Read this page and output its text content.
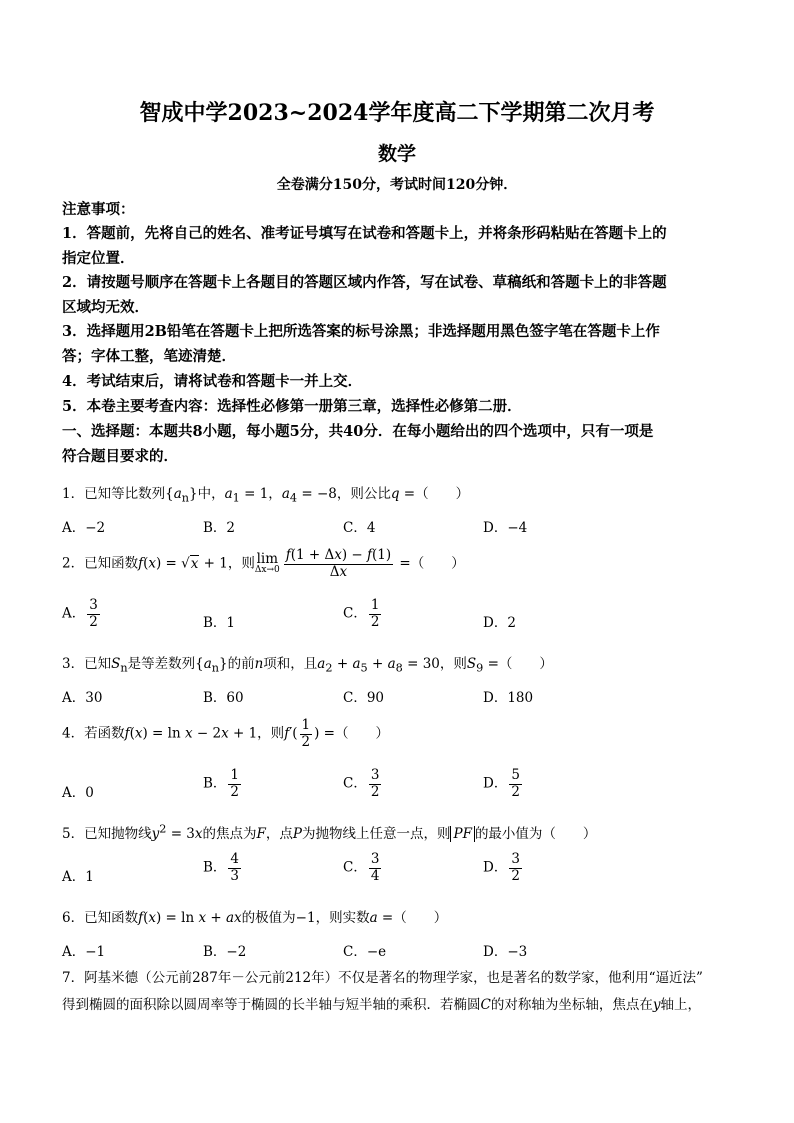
智成中学2023~2024学年度高二下学期第二次月考
数学
全卷满分150分，考试时间120分钟．
注意事项：
1．答题前，先将自己的姓名、准考证号填写在试卷和答题卡上，并将条形码粘贴在答题卡上的
指定位置．
2．请按题号顺序在答题卡上各题目的答题区域内作答，写在试卷、草稿纸和答题卡上的非答题
区域均无效．
3．选择题用2B铅笔在答题卡上把所选答案的标号涂黑；非选择题用黑色签字笔在答题卡上作
答；字体工整，笔迹清楚．
4．考试结束后，请将试卷和答题卡一并上交．
5．本卷主要考查内容：选择性必修第一册第三章，选择性必修第二册．
一、选择题：本题共8小题，每小题5分，共40分．在每小题给出的四个选项中，只有一项是
符合题目要求的．
1．已知等比数列$\{a_n\}$中，$a_1 = 1$，$a_4 = -8$，则公比q =（　　）
A．−2	B．2	C．4	D．−4
2．已知函数f(x) = √x + 1，则 lim
$\Delta x\to 0 \frac{f(1 + \Delta x) - f(1)}{\Delta x}$ =（　　）
A． $\frac{3}{2}$	B．1
C． $\frac{1}{2}$	D．2
3．已知$S_n$是等差数列$\{a_n\}$的前n项和，且$a_2 + a_5 + a_8 = 30$，则$S_9$ =（　　）
A．30	B．60	C．90	D．180
4．若函数f(x) = ln x − 2x + 1，则$f'( \frac{1}{2}$ ) =（　　）
A．0
B． $\frac{1}{2}$	C． $\frac{3}{2}$	D． $\frac{5}{2}$
5．已知抛物线$y^2 = 3x$的焦点为F，点P为抛物线上任意一点，则 PF 的最小值为（　　）
A．1
B． $\frac{4}{3}$	C． $\frac{3}{4}$	D． $\frac{3}{2}$
6．已知函数f(x) = ln x + ax的极值为−1，则实数a =（　　）
A．−1	B．−2	C．−e	D．−3
7．阿基米德（公元前287年－公元前212年）不仅是著名的物理学家，也是著名的数学家，他利用“逼近法”
得到椭圆的面积除以圆周率等于椭圆的长半轴与短半轴的乘积．若椭圆C的对称轴为坐标轴，焦点在y轴上，
